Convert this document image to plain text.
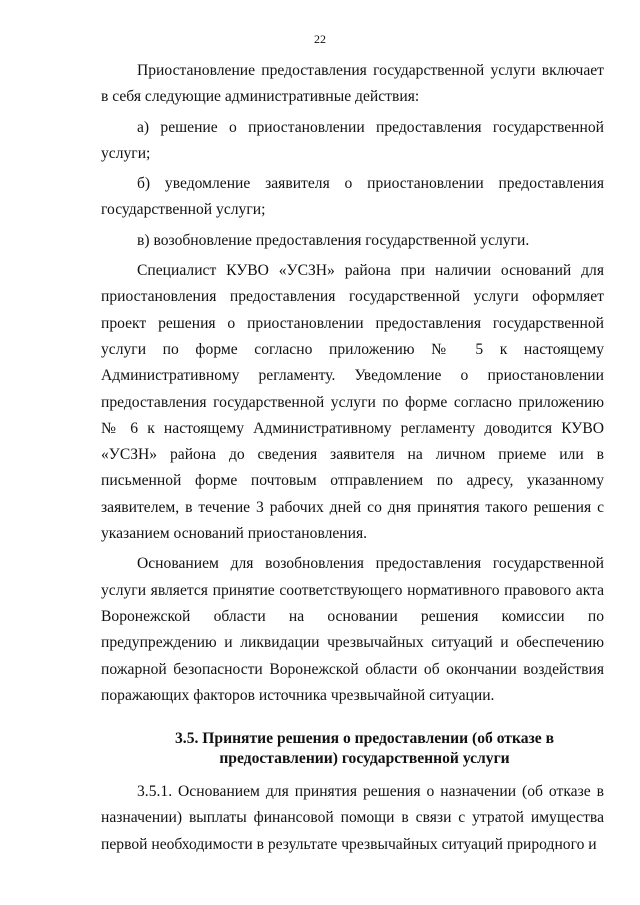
22

Приостановление предоставления государственной услуги включает в себя следующие административные действия:

а) решение о приостановлении предоставления государственной услуги;

б) уведомление заявителя о приостановлении предоставления государственной услуги;

в) возобновление предоставления государственной услуги.

Специалист КУВО «УСЗН» района при наличии оснований для приостановления предоставления государственной услуги оформляет проект решения о приостановлении предоставления государственной услуги по форме согласно приложению № 5 к настоящему Административному регламенту. Уведомление о приостановлении предоставления государственной услуги по форме согласно приложению № 6 к настоящему Административному регламенту доводится КУВО «УСЗН» района до сведения заявителя на личном приеме или в письменной форме почтовым отправлением по адресу, указанному заявителем, в течение 3 рабочих дней со дня принятия такого решения с указанием оснований приостановления.

Основанием для возобновления предоставления государственной услуги является принятие соответствующего нормативного правового акта Воронежской области на основании решения комиссии по предупреждению и ликвидации чрезвычайных ситуаций и обеспечению пожарной безопасности Воронежской области об окончании воздействия поражающих факторов источника чрезвычайной ситуации.

3.5. Принятие решения о предоставлении (об отказе в
предоставлении) государственной услуги

3.5.1. Основанием для принятия решения о назначении (об отказе в назначении) выплаты финансовой помощи в связи с утратой имущества первой необходимости в результате чрезвычайных ситуаций природного и
